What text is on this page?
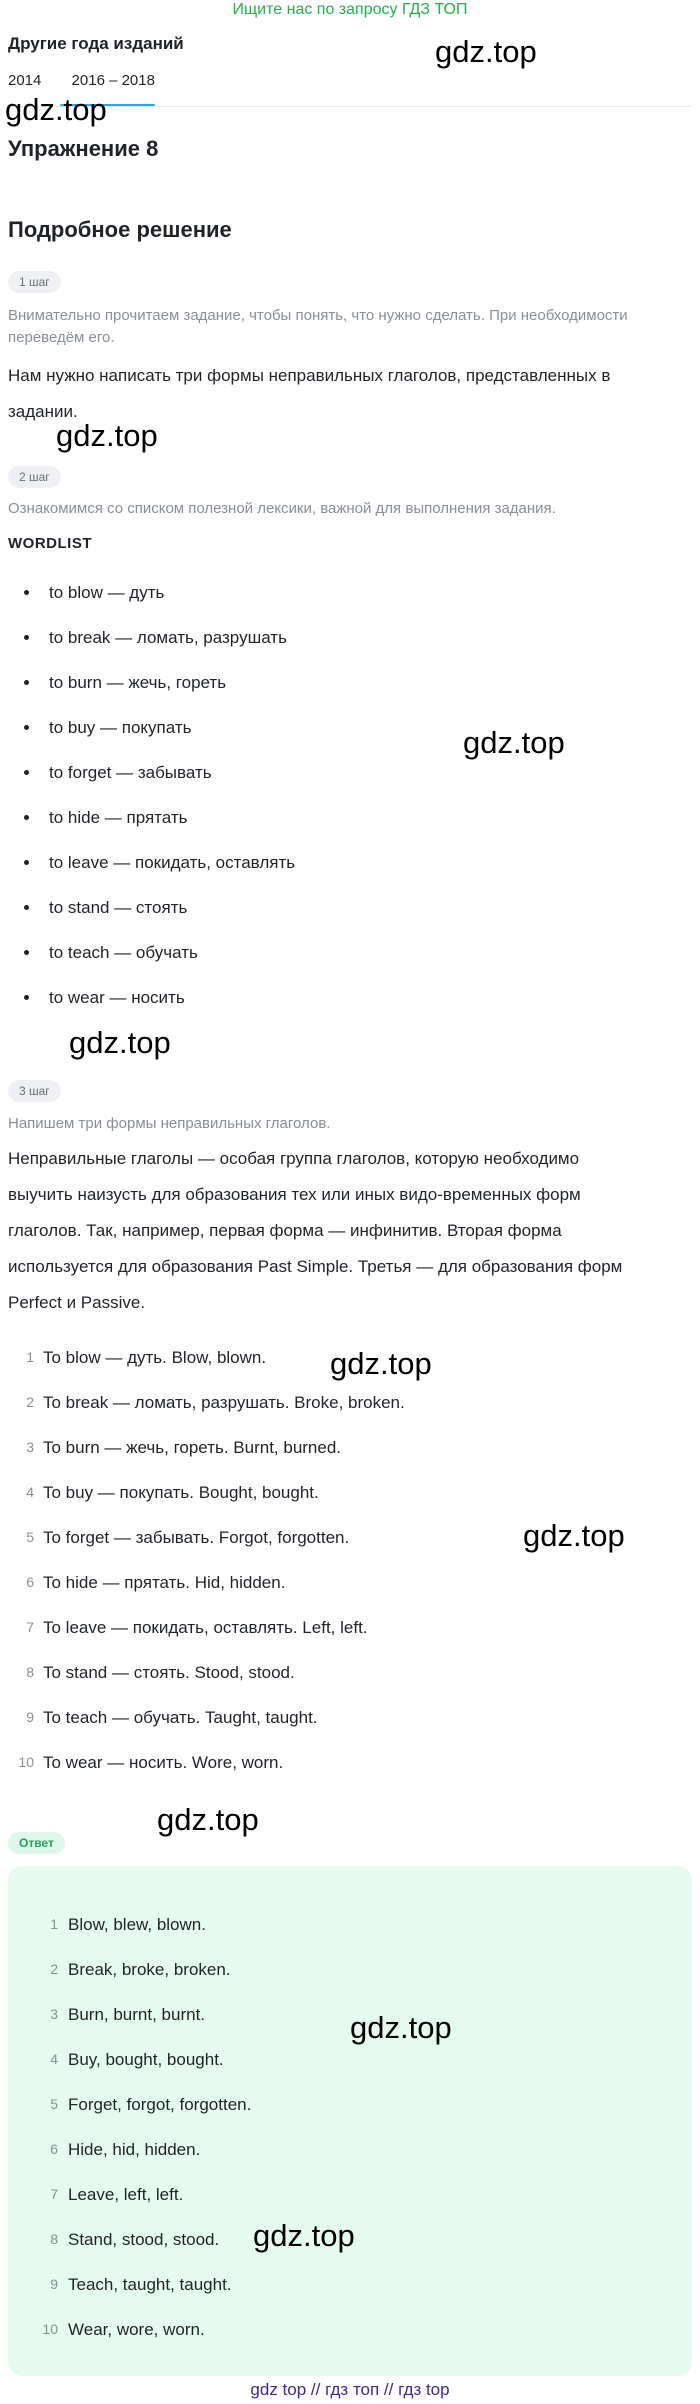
Ищите нас по запросу ГДЗ ТОП
Другие года изданий
2014 2016 – 2018
Упражнение 8
Подробное решение
1 шаг
Внимательно прочитаем задание, чтобы понять, что нужно сделать. При необходимости
переведём его.
Нам нужно написать три формы неправильных глаголов, представленных в
задании.
2 шаг
Ознакомимся со списком полезной лексики, важной для выполнения задания.
WORDLIST
to blow — дуть
to break — ломать, разрушать
to burn — жечь, гореть
to buy — покупать
to forget — забывать
to hide — прятать
to leave — покидать, оставлять
to stand — стоять
to teach — обучать
to wear — носить
3 шаг
Напишем три формы неправильных глаголов.
Неправильные глаголы — особая группа глаголов, которую необходимо
выучить наизусть для образования тех или иных видо-временных форм
глаголов. Так, например, первая форма — инфинитив. Вторая форма
используется для образования Past Simple. Третья — для образования форм
Perfect и Passive.
1 To blow — дуть. Blow, blown.
2 To break — ломать, разрушать. Broke, broken.
3 To burn — жечь, гореть. Burnt, burned.
4 To buy — покупать. Bought, bought.
5 To forget — забывать. Forgot, forgotten.
6 To hide — прятать. Hid, hidden.
7 To leave — покидать, оставлять. Left, left.
8 To stand — стоять. Stood, stood.
9 To teach — обучать. Taught, taught.
10 To wear — носить. Wore, worn.
Ответ
1 Blow, blew, blown.
2 Break, broke, broken.
3 Burn, burnt, burnt.
4 Buy, bought, bought.
5 Forget, forgot, forgotten.
6 Hide, hid, hidden.
7 Leave, left, left.
8 Stand, stood, stood.
9 Teach, taught, taught.
10 Wear, wore, worn.
gdz.top
gdz.top
gdz.top
gdz.top
gdz.top
gdz.top
gdz.top
gdz.top
gdz.top
gdz.top
gdz top // гдз топ // гдз top
